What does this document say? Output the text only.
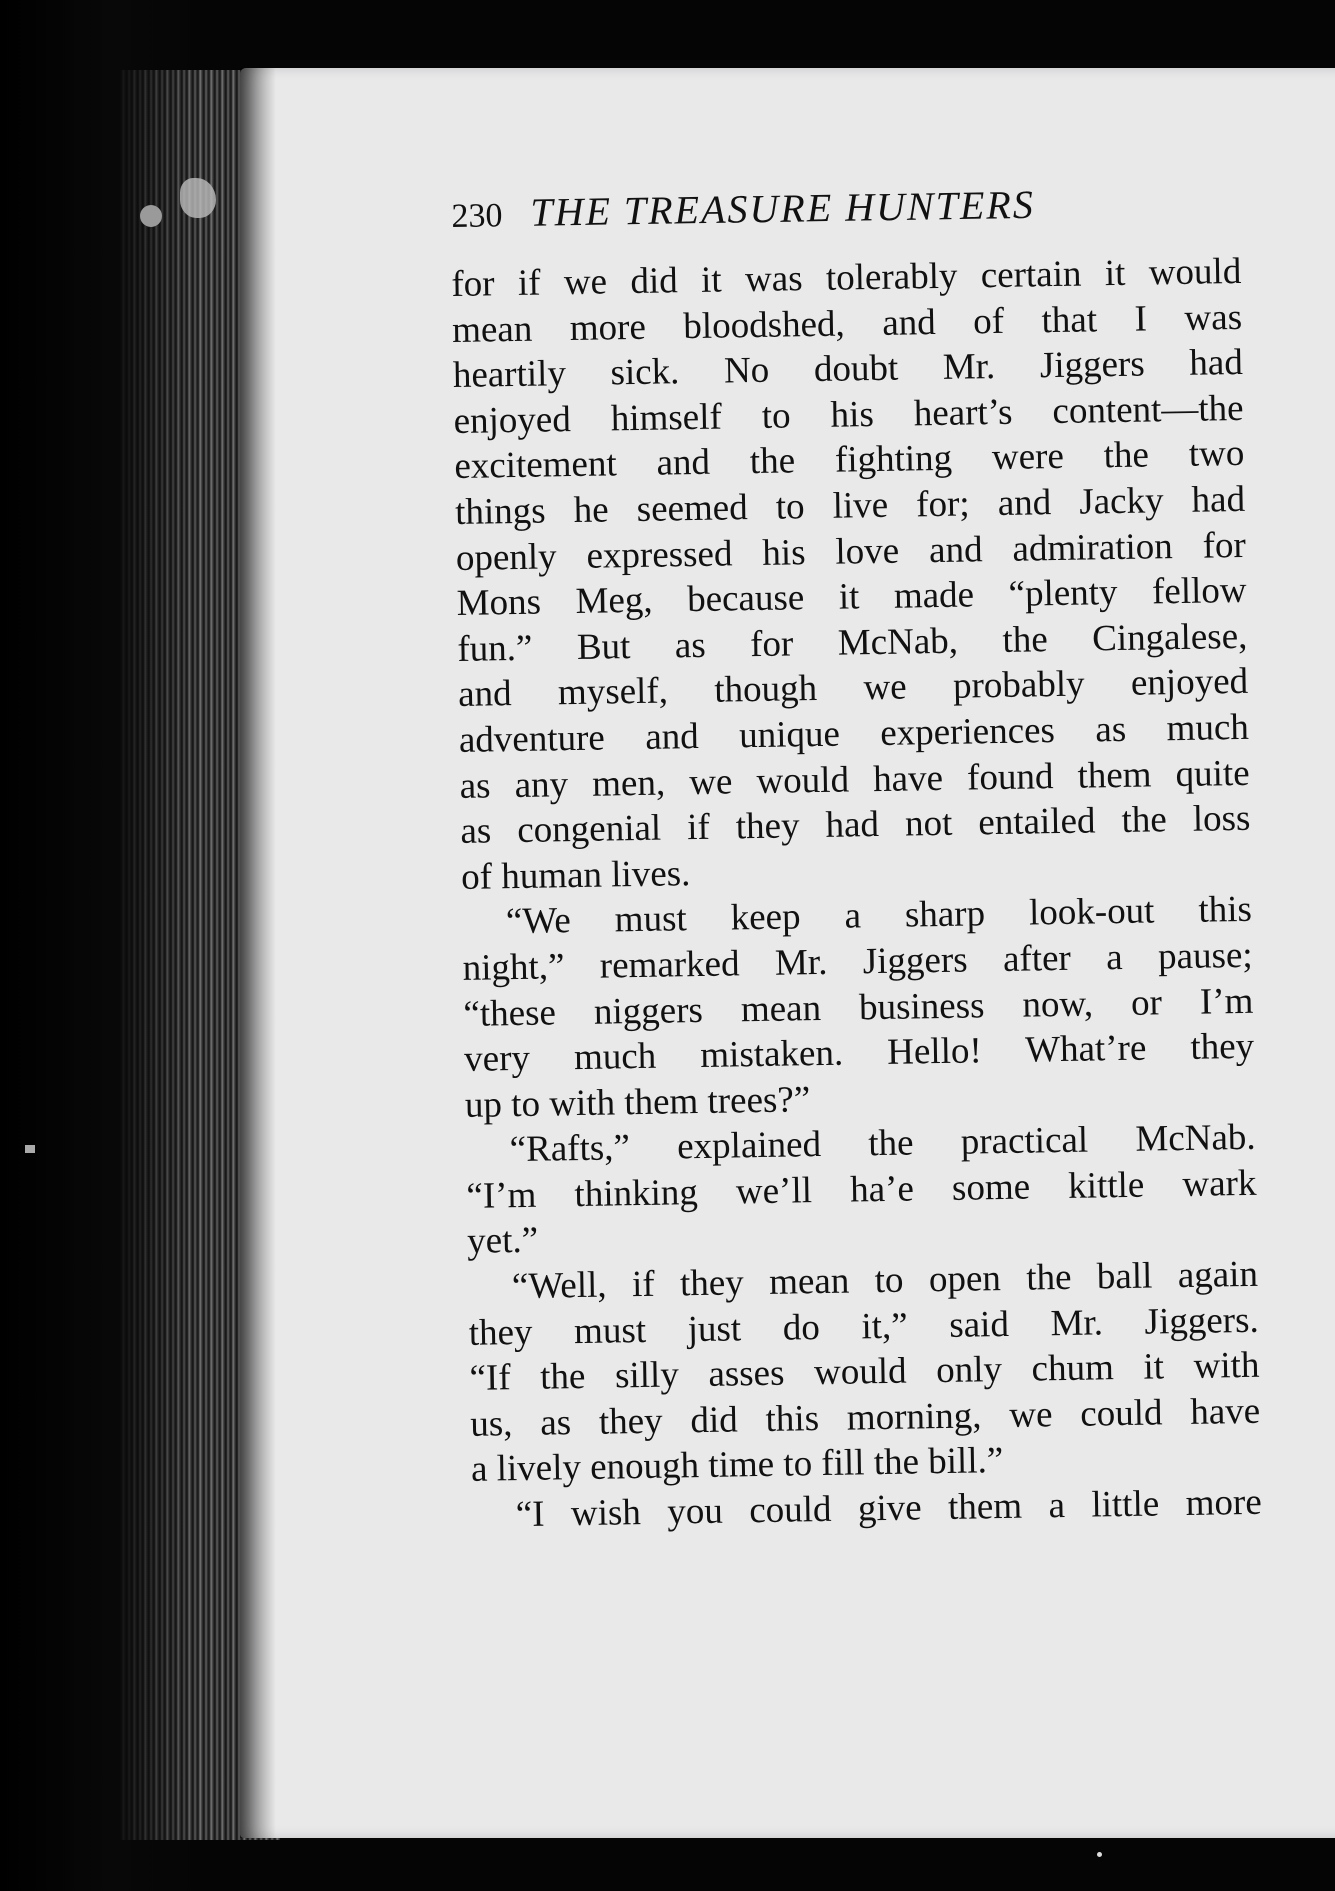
230 THE TREASURE HUNTERS
for if we did it was tolerably certain it would
mean more bloodshed, and of that I was
heartily sick. No doubt Mr. Jiggers had
enjoyed himself to his heart’s content—the
excitement and the fighting were the two
things he seemed to live for; and Jacky had
openly expressed his love and admiration for
Mons Meg, because it made “plenty fellow
fun.” But as for McNab, the Cingalese,
and myself, though we probably enjoyed
adventure and unique experiences as much
as any men, we would have found them quite
as congenial if they had not entailed the loss
of human lives.
“We must keep a sharp look-out this
night,” remarked Mr. Jiggers after a pause;
“these niggers mean business now, or I’m
very much mistaken. Hello! What’re they
up to with them trees?”
“Rafts,” explained the practical McNab.
“I’m thinking we’ll ha’e some kittle wark
yet.”
“Well, if they mean to open the ball again
they must just do it,” said Mr. Jiggers.
“If the silly asses would only chum it with
us, as they did this morning, we could have
a lively enough time to fill the bill.”
“I wish you could give them a little more
